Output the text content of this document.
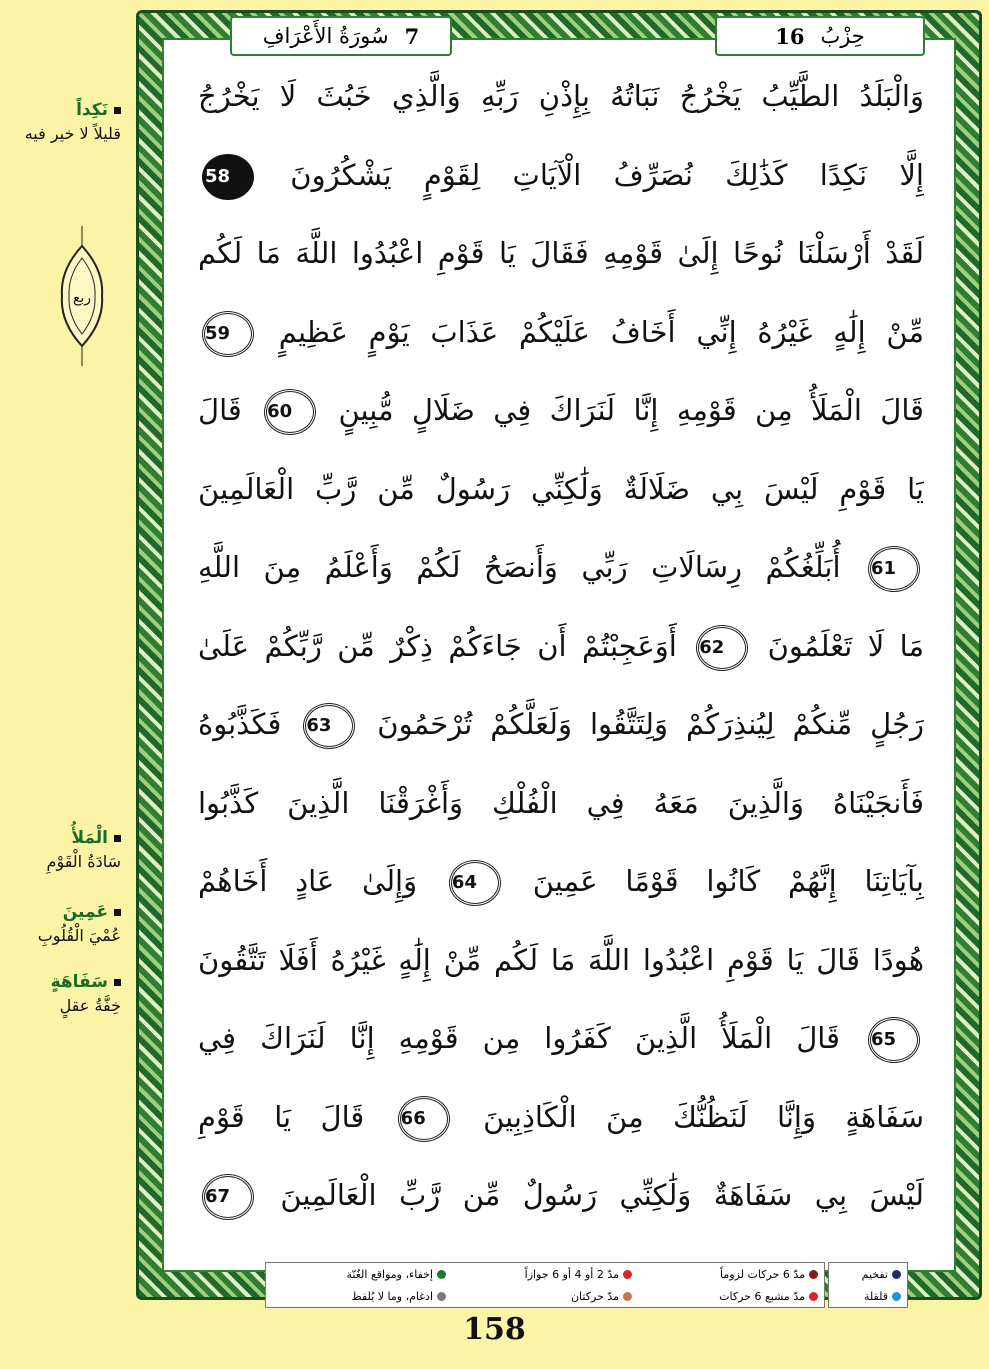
سُورَةُ الأَعْرَافِ 7	16 حِزْبُ
وَالْبَلَدُ الطَّيِّبُ يَخْرُجُ نَبَاتُهُ بِإِذْنِ رَبِّهِ وَالَّذِي خَبُثَ لَا يَخْرُجُ
إِلَّا نَكِدًا كَذَٰلِكَ نُصَرِّفُ الْآيَاتِ لِقَوْمٍ يَشْكُرُونَ 58
لَقَدْ أَرْسَلْنَا نُوحًا إِلَىٰ قَوْمِهِ فَقَالَ يَا قَوْمِ اعْبُدُوا اللَّهَ مَا لَكُم
مِّنْ إِلَٰهٍ غَيْرُهُ إِنِّي أَخَافُ عَلَيْكُمْ عَذَابَ يَوْمٍ عَظِيمٍ 59
قَالَ الْمَلَأُ مِن قَوْمِهِ إِنَّا لَنَرَاكَ فِي ضَلَالٍ مُّبِينٍ 60 قَالَ
يَا قَوْمِ لَيْسَ بِي ضَلَالَةٌ وَلَٰكِنِّي رَسُولٌ مِّن رَّبِّ الْعَالَمِينَ
61 أُبَلِّغُكُمْ رِسَالَاتِ رَبِّي وَأَنصَحُ لَكُمْ وَأَعْلَمُ مِنَ اللَّهِ
مَا لَا تَعْلَمُونَ 62 أَوَعَجِبْتُمْ أَن جَاءَكُمْ ذِكْرٌ مِّن رَّبِّكُمْ عَلَىٰ
رَجُلٍ مِّنكُمْ لِيُنذِرَكُمْ وَلِتَتَّقُوا وَلَعَلَّكُمْ تُرْحَمُونَ 63 فَكَذَّبُوهُ
فَأَنجَيْنَاهُ وَالَّذِينَ مَعَهُ فِي الْفُلْكِ وَأَغْرَقْنَا الَّذِينَ كَذَّبُوا
بِآيَاتِنَا إِنَّهُمْ كَانُوا قَوْمًا عَمِينَ 64 وَإِلَىٰ عَادٍ أَخَاهُمْ
هُودًا قَالَ يَا قَوْمِ اعْبُدُوا اللَّهَ مَا لَكُم مِّنْ إِلَٰهٍ غَيْرُهُ أَفَلَا تَتَّقُونَ
65 قَالَ الْمَلَأُ الَّذِينَ كَفَرُوا مِن قَوْمِهِ إِنَّا لَنَرَاكَ فِي
سَفَاهَةٍ وَإِنَّا لَنَظُنُّكَ مِنَ الْكَاذِبِينَ 66 قَالَ يَا قَوْمِ
لَيْسَ بِي سَفَاهَةٌ وَلَٰكِنِّي رَسُولٌ مِّن رَّبِّ الْعَالَمِينَ 67
نَكِداً
قليلاً لا خير فيه
الْمَلأُ
سَادَةُ الْقَوْمِ
عَمِينَ
عُمْيَ الْقُلُوبِ
سَفَاهَةٍ
خِفَّةُ عقلٍ
ربع
مدّ 6 حركات لزوماً
مدّ 2 أو 4 أو 6 جوازاً
إخفاء، ومواقع الغُنّة
مدّ مشبع 6 حركات
مدّ حركتان
ادغام، وما لا يُلفظ
تفخيم
قلقلة
158
